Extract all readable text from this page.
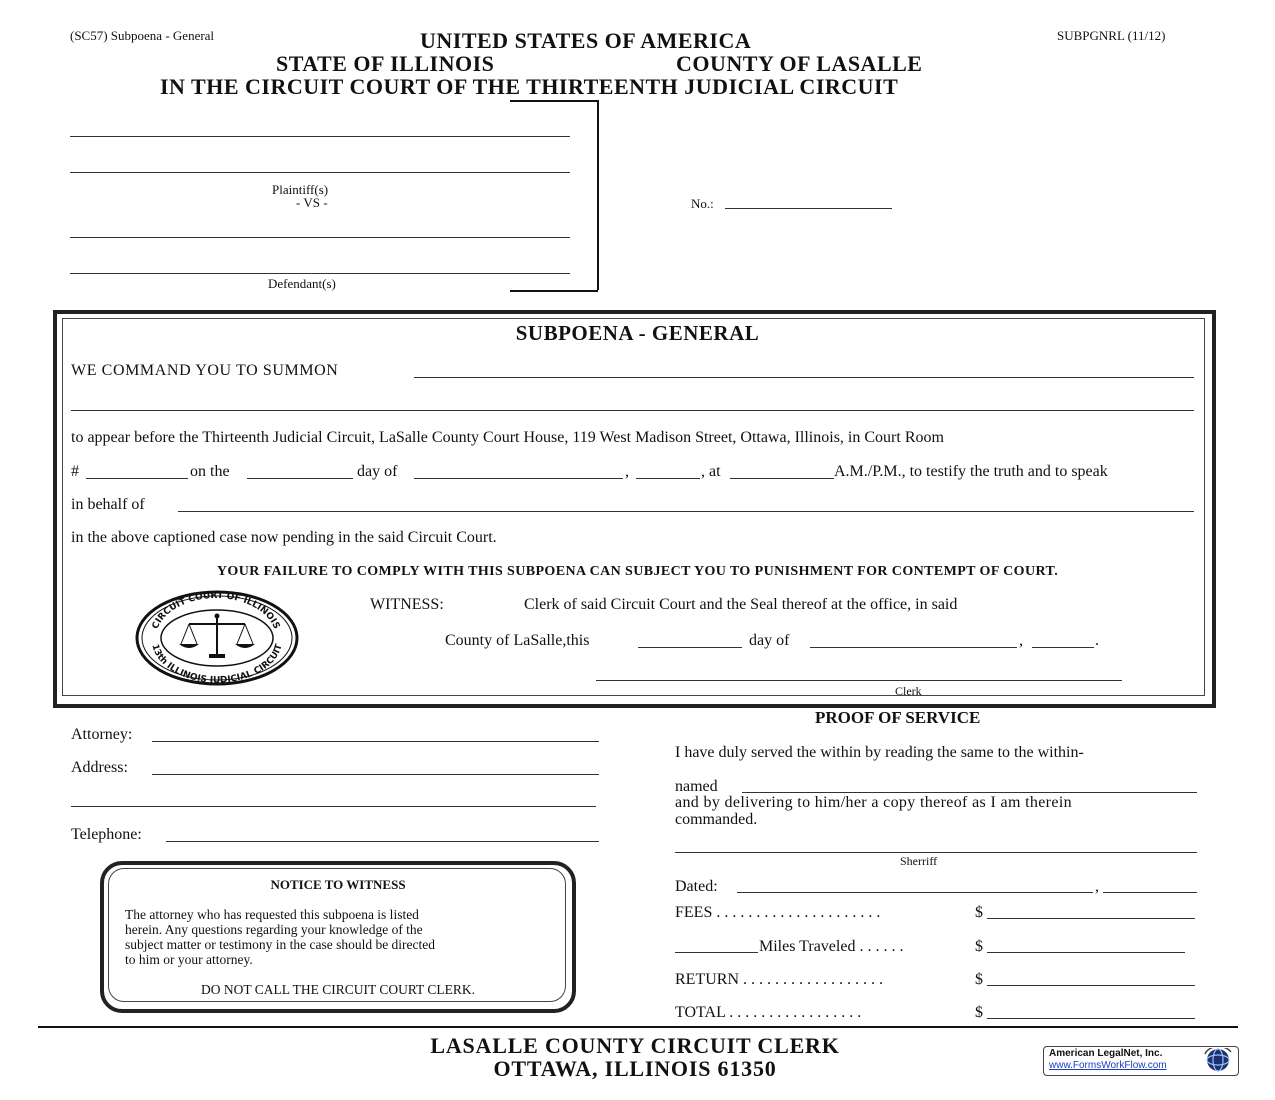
(SC57) Subpoena - General	SUBPGNRL (11/12)
UNITED STATES OF AMERICA
STATE OF ILLINOIS	COUNTY OF LASALLE
IN THE CIRCUIT COURT OF THE THIRTEENTH JUDICIAL CIRCUIT
Plaintiff(s)
- VS -
Defendant(s)
No.:
SUBPOENA - GENERAL
WE COMMAND YOU TO SUMMON
to appear before the Thirteenth Judicial Circuit, LaSalle County Court House, 119 West Madison Street, Ottawa, Illinois, in Court Room
#	on the	day of	,	, at	A.M./P.M., to testify the truth and to speak
in behalf of
in the above captioned case now pending in the said Circuit Court.
YOUR FAILURE TO COMPLY WITH THIS SUBPOENA CAN SUBJECT YOU TO PUNISHMENT FOR CONTEMPT OF COURT.
CIRCUIT COURT OF ILLINOIS
13th ILLINOIS JUDICIAL CIRCUIT
WITNESS:	Clerk of said Circuit Court and the Seal thereof at the office, in said
County of LaSalle,this	day of	,	.
Clerk
Attorney:
Address:
Telephone:
NOTICE TO WITNESS
The attorney who has requested this subpoena is listed
herein. Any questions regarding your knowledge of the
subject matter or testimony in the case should be directed
to him or your attorney.
DO NOT CALL THE CIRCUIT COURT CLERK.
PROOF OF SERVICE
I have duly served the within by reading the same to the within-
named
and by delivering to him/her a copy thereof as I am therein
commanded.
Sherriff
Dated:	,
FEES . . . . . . . . . . . . . . . . . . . . .	$
Miles Traveled . . . . . .	$
RETURN . . . . . . . . . . . . . . . . . .	$
TOTAL . . . . . . . . . . . . . . . . .	$
LASALLE COUNTY CIRCUIT CLERK
OTTAWA, ILLINOIS 61350
American LegalNet, Inc.
www.FormsWorkFlow.com
